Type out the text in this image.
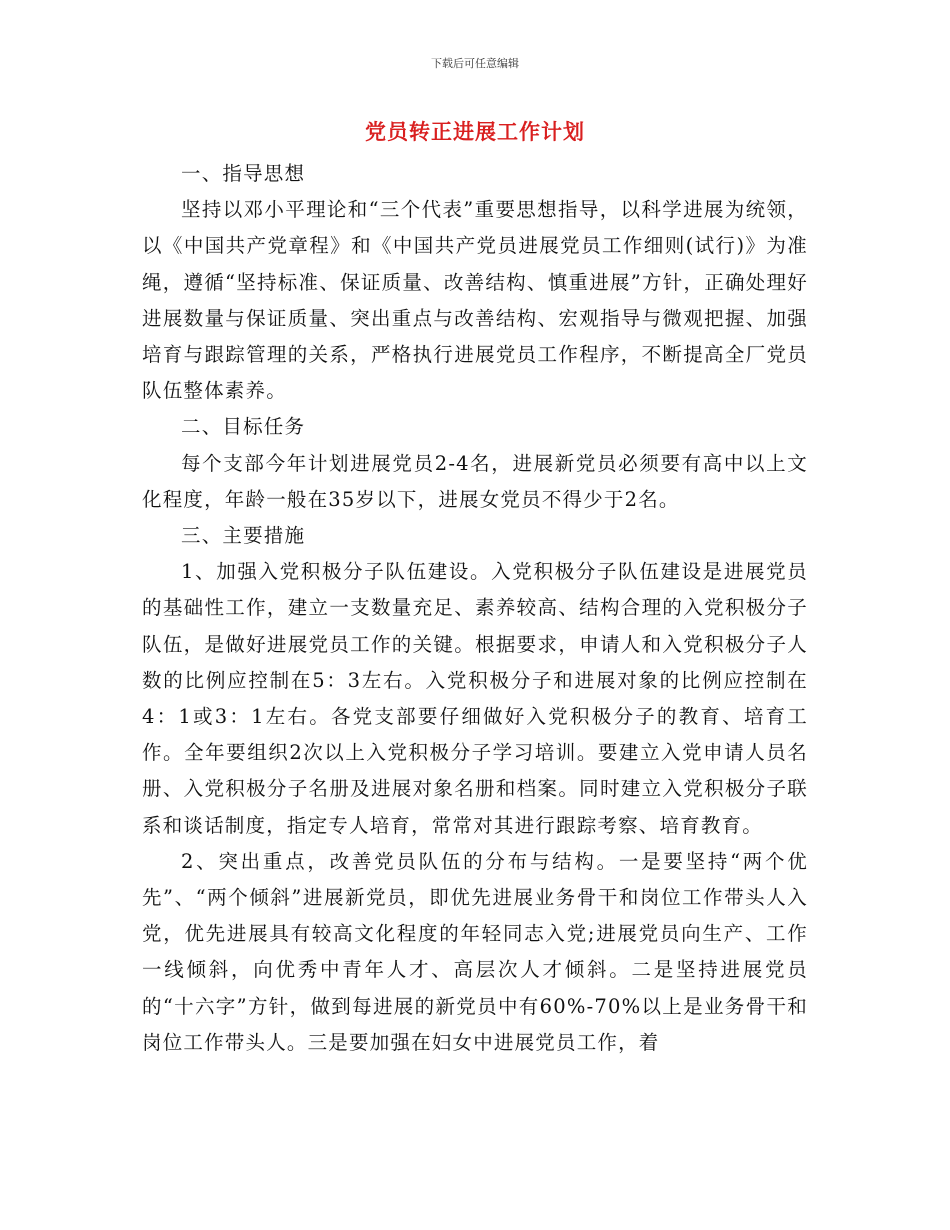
下载后可任意编辑
党员转正进展工作计划

一、指导思想

坚持以邓小平理论和“三个代表”重要思想指导，以科学进展为统领，以《中国共产党章程》和《中国共产党员进展党员工作细则(试行)》为准绳，遵循“坚持标准、保证质量、改善结构、慎重进展”方针，正确处理好进展数量与保证质量、突出重点与改善结构、宏观指导与微观把握、加强培育与跟踪管理的关系，严格执行进展党员工作程序，不断提高全厂党员队伍整体素养。

二、目标任务

每个支部今年计划进展党员2-4名，进展新党员必须要有高中以上文化程度，年龄一般在35岁以下，进展女党员不得少于2名。

三、主要措施

1、加强入党积极分子队伍建设。入党积极分子队伍建设是进展党员的基础性工作，建立一支数量充足、素养较高、结构合理的入党积极分子队伍，是做好进展党员工作的关键。根据要求，申请人和入党积极分子人数的比例应控制在5：3左右。入党积极分子和进展对象的比例应控制在4：1或3：1左右。各党支部要仔细做好入党积极分子的教育、培育工作。全年要组织2次以上入党积极分子学习培训。要建立入党申请人员名册、入党积极分子名册及进展对象名册和档案。同时建立入党积极分子联系和谈话制度，指定专人培育，常常对其进行跟踪考察、培育教育。

2、突出重点，改善党员队伍的分布与结构。一是要坚持“两个优先”、“两个倾斜”进展新党员，即优先进展业务骨干和岗位工作带头人入党，优先进展具有较高文化程度的年轻同志入党;进展党员向生产、工作一线倾斜，向优秀中青年人才、高层次人才倾斜。二是坚持进展党员的“十六字”方针，做到每进展的新党员中有60%-70%以上是业务骨干和岗位工作带头人。三是要加强在妇女中进展党员工作，着
